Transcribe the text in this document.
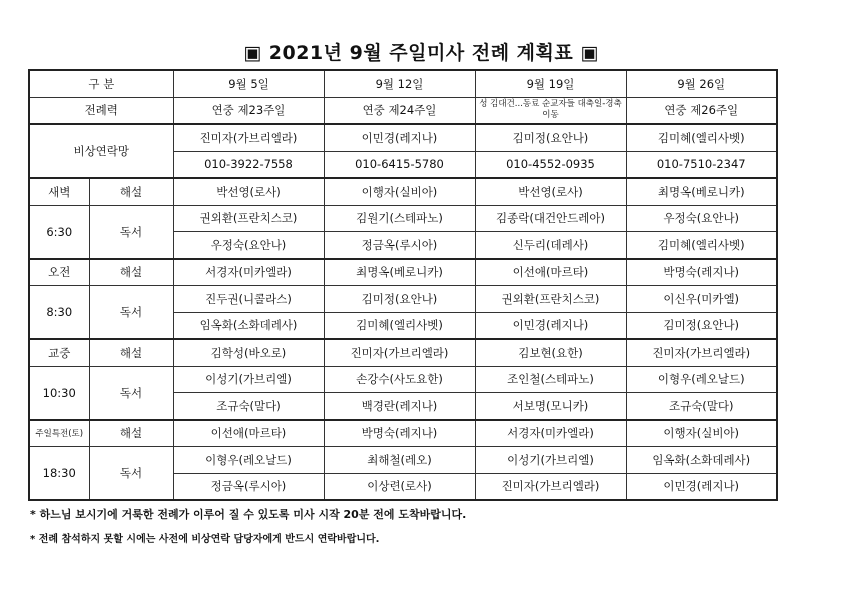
▣ 2021년 9월 주일미사 전례 계획표 ▣
구 분		9월 5일	9월 12일	9월 19일	9월 26일
전례력		연중 제23주일	연중 제24주일	성 김대건...동료 순교자들 대축일-경축이동	연중 제26주일
비상연락망		진미자(가브리엘라)	이민경(레지나)	김미정(요안나)	김미혜(엘리사벳)
		010-3922-7558	010-6415-5780	010-4552-0935	010-7510-2347
새벽	해설	박선영(로사)	이행자(실비아)	박선영(로사)	최명옥(베로니카)
6:30	독서	권외환(프란치스코)	김원기(스테파노)	김종락(대건안드레아)	우정숙(요안나)
		우정숙(요안나)	정금옥(루시아)	신두리(데레사)	김미혜(엘리사벳)
오전	해설	서경자(미카엘라)	최명옥(베로니카)	이선애(마르타)	박명숙(레지나)
8:30	독서	진두권(니콜라스)	김미정(요안나)	권외환(프란치스코)	이신우(미카엘)
		임옥화(소화데레사)	김미혜(엘리사벳)	이민경(레지나)	김미정(요안나)
교중	해설	김학성(바오로)	진미자(가브리엘라)	김보현(요한)	진미자(가브리엘라)
10:30	독서	이성기(가브리엘)	손강수(사도요한)	조인철(스테파노)	이형우(레오날드)
		조규숙(말다)	백경란(레지나)	서보명(모니카)	조규숙(말다)
주일특전(토)	해설	이선애(마르타)	박명숙(레지나)	서경자(미카엘라)	이행자(실비아)
18:30	독서	이형우(레오날드)	최해철(레오)	이성기(가브리엘)	임옥화(소화데레사)
		정금옥(루시아)	이상련(로사)	진미자(가브리엘라)	이민경(레지나)
* 하느님 보시기에 거룩한 전례가 이루어 질 수 있도록 미사 시작 20분 전에 도착바랍니다.
* 전례 참석하지 못할 시에는 사전에 비상연락 담당자에게 반드시 연락바랍니다.
